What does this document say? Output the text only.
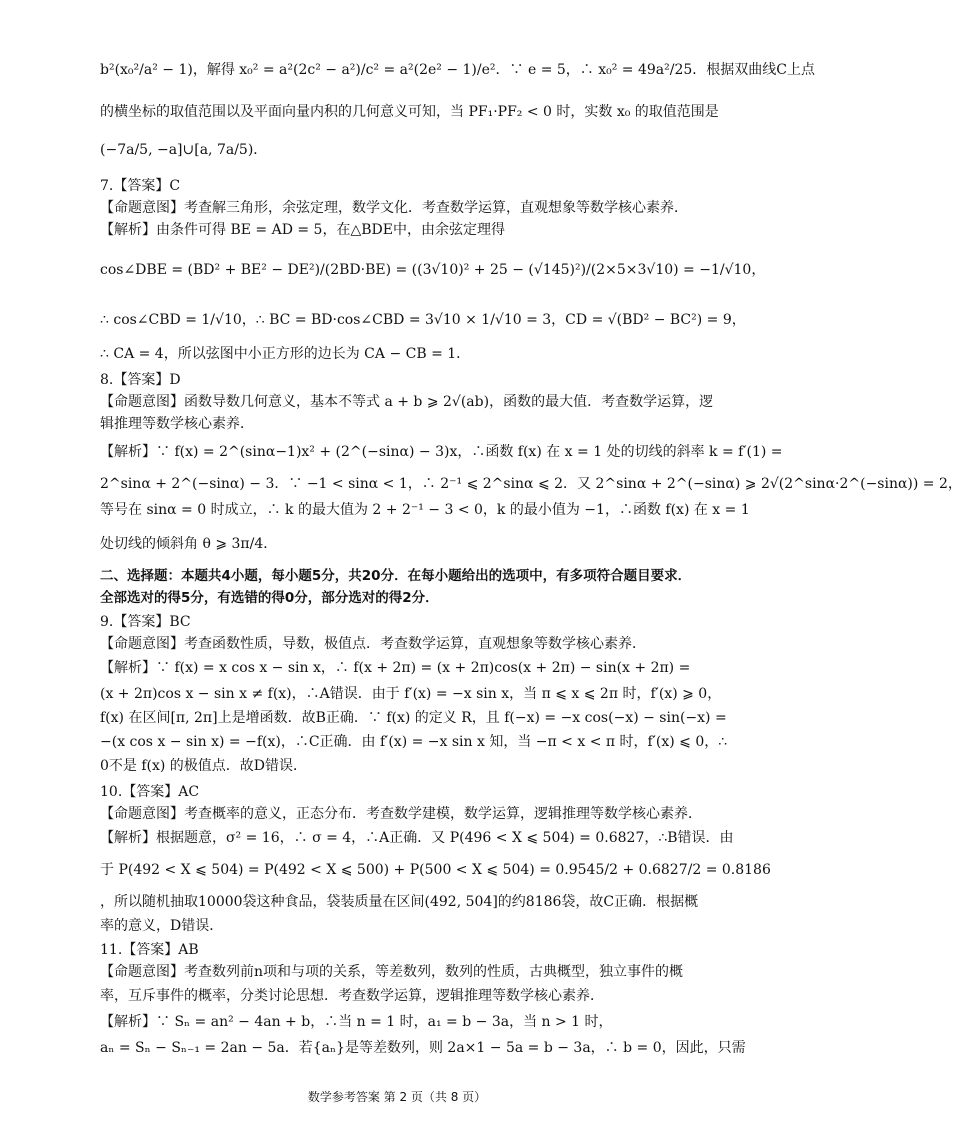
b²(x₀²/a² − 1)，解得 x₀² = a²(2c² − a²)/c² = a²(2e² − 1)/e²．∵ e = 5，∴ x₀² = 49a²/25．根据双曲线C上点
的横坐标的取值范围以及平面向量内积的几何意义可知，当 PF₁·PF₂ < 0 时，实数 x₀ 的取值范围是
(−7a/5, −a]∪[a, 7a/5)．
7.【答案】C
【命题意图】考查解三角形，余弦定理，数学文化．考查数学运算，直观想象等数学核心素养．
【解析】由条件可得 BE = AD = 5，在△BDE中，由余弦定理得
cos∠DBE = (BD² + BE² − DE²)/(2BD·BE) = ((3√10)² + 25 − (√145)²)/(2×5×3√10) = −1/√10，
∴ cos∠CBD = 1/√10，∴ BC = BD·cos∠CBD = 3√10 × 1/√10 = 3，CD = √(BD² − BC²) = 9，
∴ CA = 4，所以弦图中小正方形的边长为 CA − CB = 1．
8.【答案】D
【命题意图】函数导数几何意义，基本不等式 a + b ⩾ 2√(ab)，函数的最大值．考查数学运算，逻
辑推理等数学核心素养．
【解析】∵ f(x) = 2^(sinα−1)x² + (2^(−sinα) − 3)x，∴函数 f(x) 在 x = 1 处的切线的斜率 k = f′(1) =
2^sinα + 2^(−sinα) − 3．∵ −1 < sinα < 1，∴ 2⁻¹ ⩽ 2^sinα ⩽ 2．又 2^sinα + 2^(−sinα) ⩾ 2√(2^sinα·2^(−sinα)) = 2，
等号在 sinα = 0 时成立，∴ k 的最大值为 2 + 2⁻¹ − 3 < 0，k 的最小值为 −1，∴函数 f(x) 在 x = 1
处切线的倾斜角 θ ⩾ 3π/4．
二、选择题：本题共4小题，每小题5分，共20分．在每小题给出的选项中，有多项符合题目要求．
全部选对的得5分，有选错的得0分，部分选对的得2分．
9.【答案】BC
【命题意图】考查函数性质，导数，极值点．考查数学运算，直观想象等数学核心素养．
【解析】∵ f(x) = x cos x − sin x，∴ f(x + 2π) = (x + 2π)cos(x + 2π) − sin(x + 2π) =
(x + 2π)cos x − sin x ≠ f(x)，∴A错误．由于 f′(x) = −x sin x，当 π ⩽ x ⩽ 2π 时，f′(x) ⩾ 0，
f(x) 在区间[π, 2π]上是增函数．故B正确．∵ f(x) 的定义 R，且 f(−x) = −x cos(−x) − sin(−x) =
−(x cos x − sin x) = −f(x)，∴C正确．由 f′(x) = −x sin x 知，当 −π < x < π 时，f′(x) ⩽ 0，∴
0不是 f(x) 的极值点．故D错误．
10.【答案】AC
【命题意图】考查概率的意义，正态分布．考查数学建模，数学运算，逻辑推理等数学核心素养．
【解析】根据题意，σ² = 16，∴ σ = 4，∴A正确．又 P(496 < X ⩽ 504) = 0.6827，∴B错误．由
于 P(492 < X ⩽ 504) = P(492 < X ⩽ 500) + P(500 < X ⩽ 504) = 0.9545/2 + 0.6827/2 = 0.8186
，所以随机抽取10000袋这种食品，袋装质量在区间(492, 504]的约8186袋，故C正确．根据概
率的意义，D错误．
11.【答案】AB
【命题意图】考查数列前n项和与项的关系，等差数列，数列的性质，古典概型，独立事件的概
率，互斥事件的概率，分类讨论思想．考查数学运算，逻辑推理等数学核心素养．
【解析】∵ Sₙ = an² − 4an + b，∴当 n = 1 时，a₁ = b − 3a，当 n > 1 时，
aₙ = Sₙ − Sₙ₋₁ = 2an − 5a．若{aₙ}是等差数列，则 2a×1 − 5a = b − 3a，∴ b = 0，因此，只需
数学参考答案 第 2 页（共 8 页）
